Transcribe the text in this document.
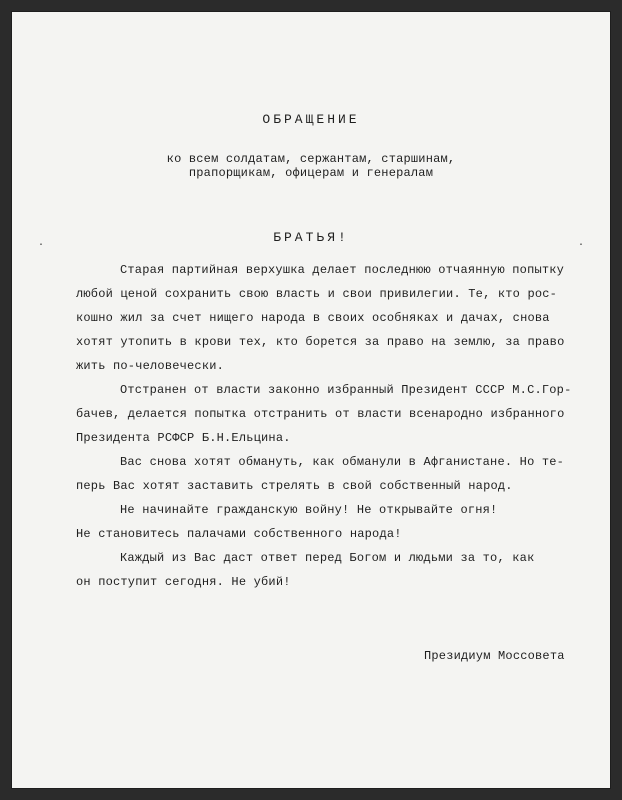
ОБРАЩЕНИЕ
ко всем солдатам, сержантам, старшинам,
прапорщикам, офицерам и генералам
БРАТЬЯ!
Старая партийная верхушка делает последнюю отчаянную попытку
любой ценой сохранить свою власть и свои привилегии. Те, кто рос-
кошно жил за счет нищего народа в своих особняках и дачах, снова
хотят утопить в крови тех, кто борется за право на землю, за право
жить по-человечески.
Отстранен от власти законно избранный Президент СССР М.С.Гор-
бачев, делается попытка отстранить от власти всенародно избранного
Президента РСФСР Б.Н.Ельцина.
Вас снова хотят обмануть, как обманули в Афганистане. Но те-
перь Вас хотят заставить стрелять в свой собственный народ.
Не начинайте гражданскую войну! Не открывайте огня!
Не становитесь палачами собственного народа!
Каждый из Вас даст ответ перед Богом и людьми за то, как
он поступит сегодня. Не убий!
Президиум Моссовета
·	·
